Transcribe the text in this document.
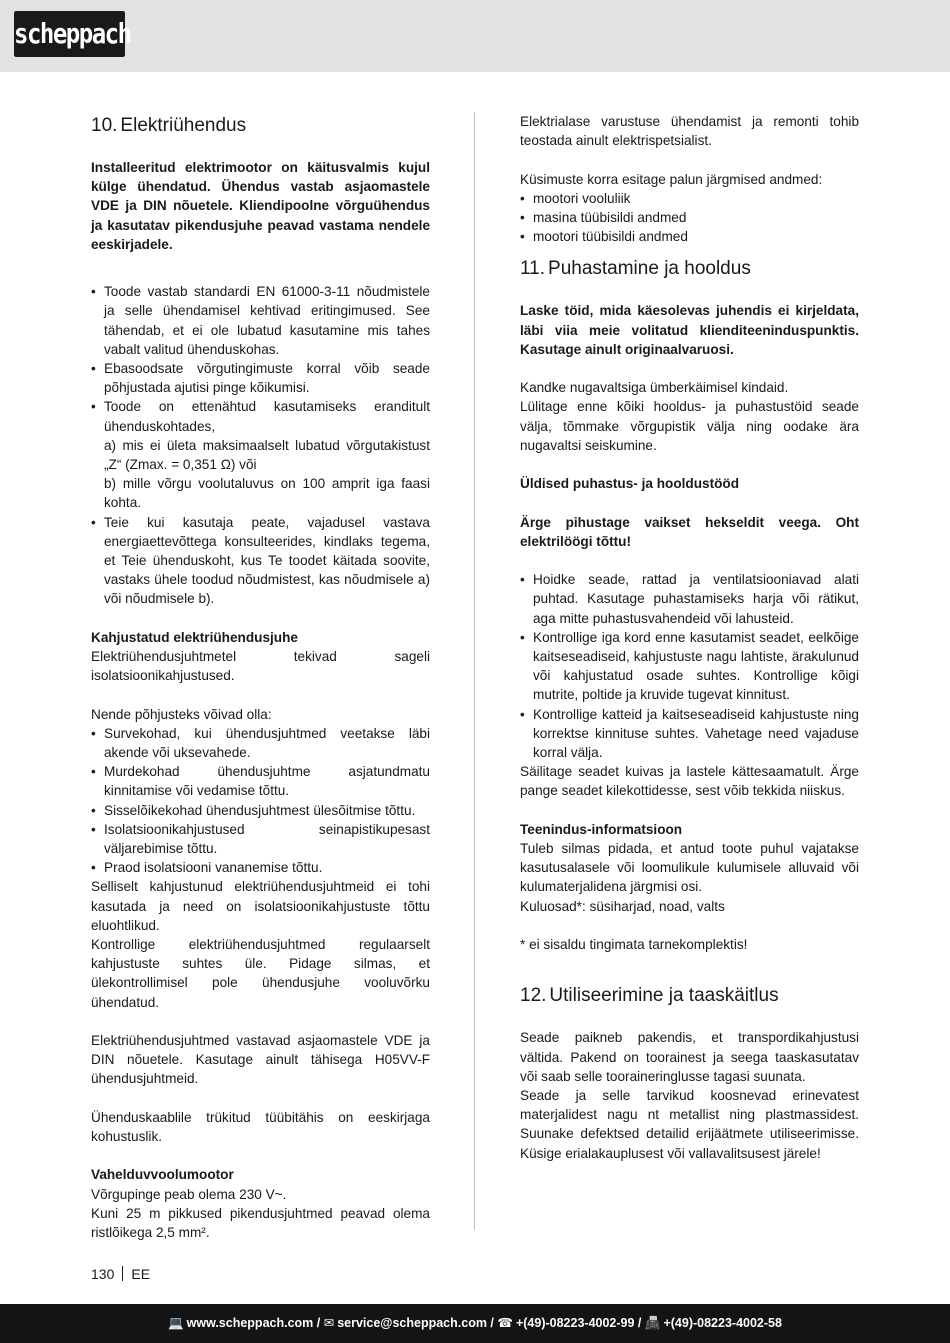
scheppach
10. Elektriühendus

Installeeritud elektrimootor on käitusvalmis kujul külge ühendatud. Ühendus vastab asjaomastele VDE ja DIN nõuetele. Kliendipoolne võrguühendus ja kasutatav pikendusjuhe peavad vastama nendele eeskirjadele.

• Toode vastab standardi EN 61000-3-11 nõudmistele ja selle ühendamisel kehtivad eritingimused. See tähendab, et ei ole lubatud kasutamine mis tahes vabalt valitud ühenduskohas.
• Ebasoodsate võrgutingimuste korral võib seade põhjustada ajutisi pinge kõikumisi.
• Toode on ettenähtud kasutamiseks eranditult ühenduskohtades,
a) mis ei ületa maksimaalselt lubatud võrgutakistust „Z“ (Zmax. = 0,351 Ω) või
b) mille võrgu voolutaluvus on 100 amprit iga faasi kohta.
• Teie kui kasutaja peate, vajadusel vastava energiaettevõttega konsulteerides, kindlaks tegema, et Teie ühenduskoht, kus Te toodet käitada soovite, vastaks ühele toodud nõudmistest, kas nõudmisele a) või nõudmisele b).

Kahjustatud elektriühendusjuhe

Elektriühendusjuhtmetel tekivad sageli isolatsioonikahjustused.

Nende põhjusteks võivad olla:

• Survekohad, kui ühendusjuhtmed veetakse läbi akende või uksevahede.
• Murdekohad ühendusjuhtme asjatundmatu kinnitamise või vedamise tõttu.
• Sisselõikekohad ühendusjuhtmest ülesõitmise tõttu.
• Isolatsioonikahjustused seinapistikupesast väljarebimise tõttu.
• Praod isolatsiooni vananemise tõttu.

Selliselt kahjustunud elektriühendusjuhtmeid ei tohi kasutada ja need on isolatsioonikahjustuste tõttu eluohtlikud.

Kontrollige elektriühendusjuhtmed regulaarselt kahjustuste suhtes üle. Pidage silmas, et ülekontrollimisel pole ühendusjuhe vooluvõrku ühendatud.

Elektriühendusjuhtmed vastavad asjaomastele VDE ja DIN nõuetele. Kasutage ainult tähisega H05VV-F ühendusjuhtmeid.

Ühenduskaablile trükitud tüübitähis on eeskirjaga kohustuslik.

Vahelduvvoolumootor

Võrgupinge peab olema 230 V~.

Kuni 25 m pikkused pikendusjuhtmed peavad olema ristlõikega 2,5 mm².

Elektrialase varustuse ühendamist ja remonti tohib teostada ainult elektrispetsialist.

Küsimuste korra esitage palun järgmised andmed:

• mootori vooluliik
• masina tüübisildi andmed
• mootori tüübisildi andmed
11. Puhastamine ja hooldus

Laske töid, mida käesolevas juhendis ei kirjeldata, läbi viia meie volitatud klienditeeninduspunktis. Kasutage ainult originaalvaruosi.

Kandke nugavaltsiga ümberkäimisel kindaid.

Lülitage enne kõiki hooldus- ja puhastustöid seade välja, tõmmake võrgupistik välja ning oodake ära nugavaltsi seiskumine.

Üldised puhastus- ja hooldustööd

Ärge pihustage vaikset hekseldit veega. Oht elektrilöögi tõttu!

• Hoidke seade, rattad ja ventilatsiooniavad alati puhtad. Kasutage puhastamiseks harja või rätikut, aga mitte puhastusvahendeid või lahusteid.
• Kontrollige iga kord enne kasutamist seadet, eelkõige kaitseseadiseid, kahjustuste nagu lahtiste, ärakulunud või kahjustatud osade suhtes. Kontrollige kõigi mutrite, poltide ja kruvide tugevat kinnitust.
• Kontrollige katteid ja kaitseseadiseid kahjustuste ning korrektse kinnituse suhtes. Vahetage need vajaduse korral välja.

Säilitage seadet kuivas ja lastele kättesaamatult. Ärge pange seadet kilekottidesse, sest võib tekkida niiskus.

Teenindus-informatsioon

Tuleb silmas pidada, et antud toote puhul vajatakse kasutusalasele või loomulikule kulumisele alluvaid või kulumaterjalidena järgmisi osi.

Kuluosad*: süsiharjad, noad, valts

* ei sisaldu tingimata tarnekomplektis!

12. Utiliseerimine ja taaskäitlus

Seade paikneb pakendis, et transpordikahjustusi vältida. Pakend on toorainest ja seega taaskasutatav või saab selle tooraineringlusse tagasi suunata.

Seade ja selle tarvikud koosnevad erinevatest materjalidest nagu nt metallist ning plastmassidest. Suunake defektsed detailid erijäätmete utiliseerimisse. Küsige erialakauplusest või vallavalitsusest järele!

130 EE
💻 www.scheppach.com / ✉ service@scheppach.com / ☎ +(49)-08223-4002-99 / 📠 +(49)-08223-4002-58
